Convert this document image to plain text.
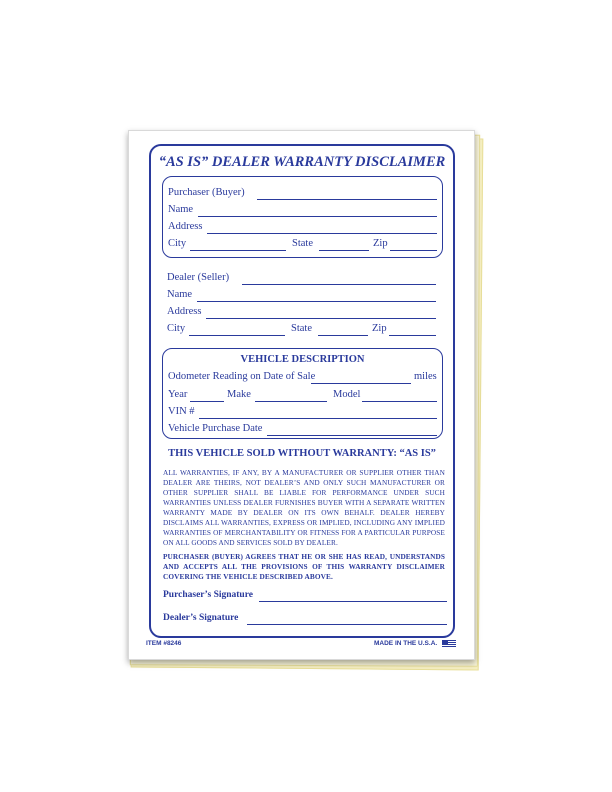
“AS IS” DEALER WARRANTY DISCLAIMER
Purchaser (Buyer)
Name
Address
City	State	Zip
Dealer (Seller)
Name
Address
City	State	Zip
VEHICLE DESCRIPTION
Odometer Reading on Date of Sale	miles
Year	Make	Model
VIN #
Vehicle Purchase Date
THIS VEHICLE SOLD WITHOUT WARRANTY: “AS IS”
ALL WARRANTIES, IF ANY, BY A MANUFACTURER OR SUPPLIER OTHER THAN DEALER ARE THEIRS, NOT DEALER’S AND ONLY SUCH MANUFACTURER OR OTHER SUPPLIER SHALL BE LIABLE FOR PERFORMANCE UNDER SUCH WARRANTIES UNLESS DEALER FURNISHES BUYER WITH A SEPARATE WRITTEN WARRANTY MADE BY DEALER ON ITS OWN BEHALF. DEALER HEREBY DISCLAIMS ALL WARRANTIES, EXPRESS OR IMPLIED, INCLUDING ANY IMPLIED WARRANTIES OF MERCHANTABILITY OR FITNESS FOR A PARTICULAR PURPOSE ON ALL GOODS AND SERVICES SOLD BY DEALER.
PURCHASER (BUYER) AGREES THAT HE OR SHE HAS READ, UNDERSTANDS AND ACCEPTS ALL THE PROVISIONS OF THIS WARRANTY DISCLAIMER COVERING THE VEHICLE DESCRIBED ABOVE.
Purchaser’s Signature
Dealer’s Signature
ITEM #8246	MADE IN THE U.S.A.
